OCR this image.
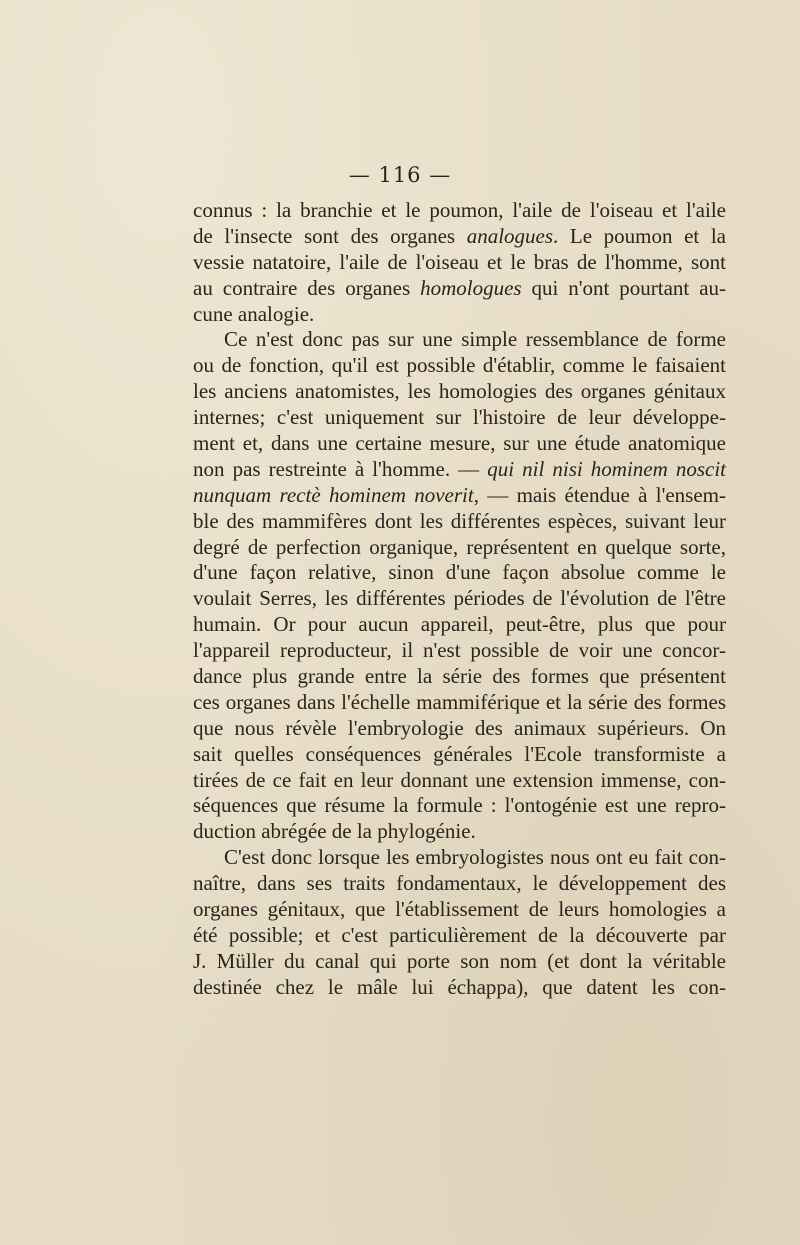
— 116 —
connus : la branchie et le poumon, l'aile de l'oiseau et l'aile
de l'insecte sont des organes analogues. Le poumon et la
vessie natatoire, l'aile de l'oiseau et le bras de l'homme, sont
au contraire des organes homologues qui n'ont pourtant au-
cune analogie.
Ce n'est donc pas sur une simple ressemblance de forme
ou de fonction, qu'il est possible d'établir, comme le faisaient
les anciens anatomistes, les homologies des organes génitaux
internes; c'est uniquement sur l'histoire de leur développe-
ment et, dans une certaine mesure, sur une étude anatomique
non pas restreinte à l'homme. — qui nil nisi hominem noscit
nunquam rectè hominem noverit, — mais étendue à l'ensem-
ble des mammifères dont les différentes espèces, suivant leur
degré de perfection organique, représentent en quelque sorte,
d'une façon relative, sinon d'une façon absolue comme le
voulait Serres, les différentes périodes de l'évolution de l'être
humain. Or pour aucun appareil, peut-être, plus que pour
l'appareil reproducteur, il n'est possible de voir une concor-
dance plus grande entre la série des formes que présentent
ces organes dans l'échelle mammiférique et la série des formes
que nous révèle l'embryologie des animaux supérieurs. On
sait quelles conséquences générales l'Ecole transformiste a
tirées de ce fait en leur donnant une extension immense, con-
séquences que résume la formule : l'ontogénie est une repro-
duction abrégée de la phylogénie.
C'est donc lorsque les embryologistes nous ont eu fait con-
naître, dans ses traits fondamentaux, le développement des
organes génitaux, que l'établissement de leurs homologies a
été possible; et c'est particulièrement de la découverte par
J. Müller du canal qui porte son nom (et dont la véritable
destinée chez le mâle lui échappa), que datent les con-
